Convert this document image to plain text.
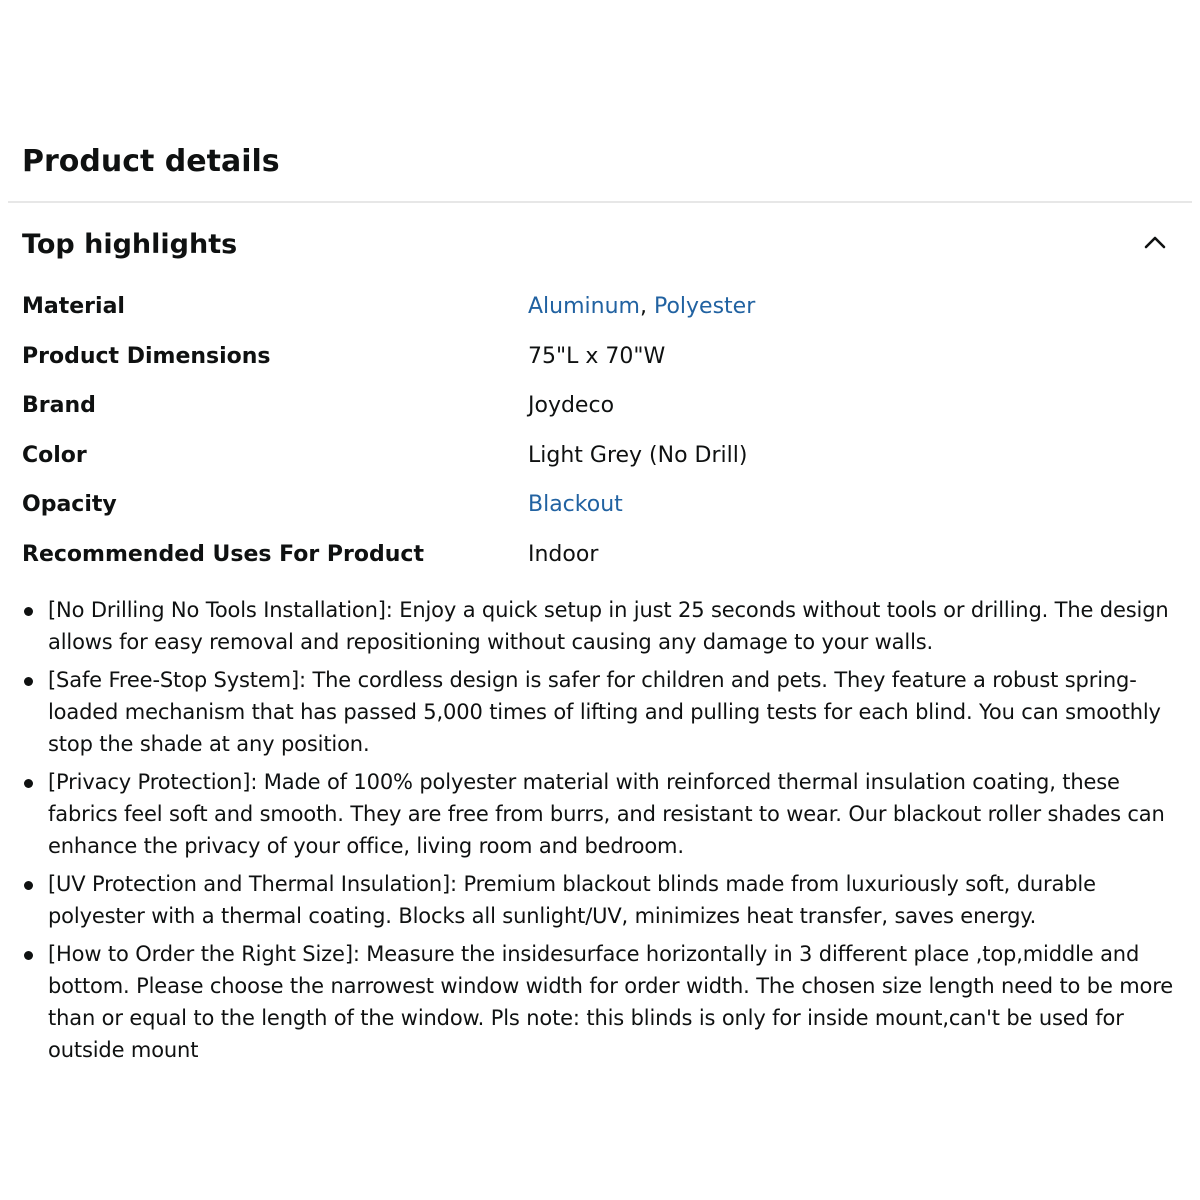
Product details
Top highlights
Material	Aluminum, Polyester
Product Dimensions	75"L x 70"W
Brand	Joydeco
Color	Light Grey (No Drill)
Opacity	Blackout
Recommended Uses For Product	Indoor
[No Drilling No Tools Installation]: Enjoy a quick setup in just 25 seconds without tools or drilling. The design allows for easy removal and repositioning without causing any damage to your walls.
[Safe Free-Stop System]: The cordless design is safer for children and pets. They feature a robust spring-loaded mechanism that has passed 5,000 times of lifting and pulling tests for each blind. You can smoothly stop the shade at any position.
[Privacy Protection]: Made of 100% polyester material with reinforced thermal insulation coating, these fabrics feel soft and smooth. They are free from burrs, and resistant to wear. Our blackout roller shades can enhance the privacy of your office, living room and bedroom.
[UV Protection and Thermal Insulation]: Premium blackout blinds made from luxuriously soft, durable polyester with a thermal coating. Blocks all sunlight/UV, minimizes heat transfer, saves energy.
[How to Order the Right Size]: Measure the insidesurface horizontally in 3 different place ,top,middle and bottom. Please choose the narrowest window width for order width. The chosen size length need to be more than or equal to the length of the window. Pls note: this blinds is only for inside mount,can't be used for outside mount
